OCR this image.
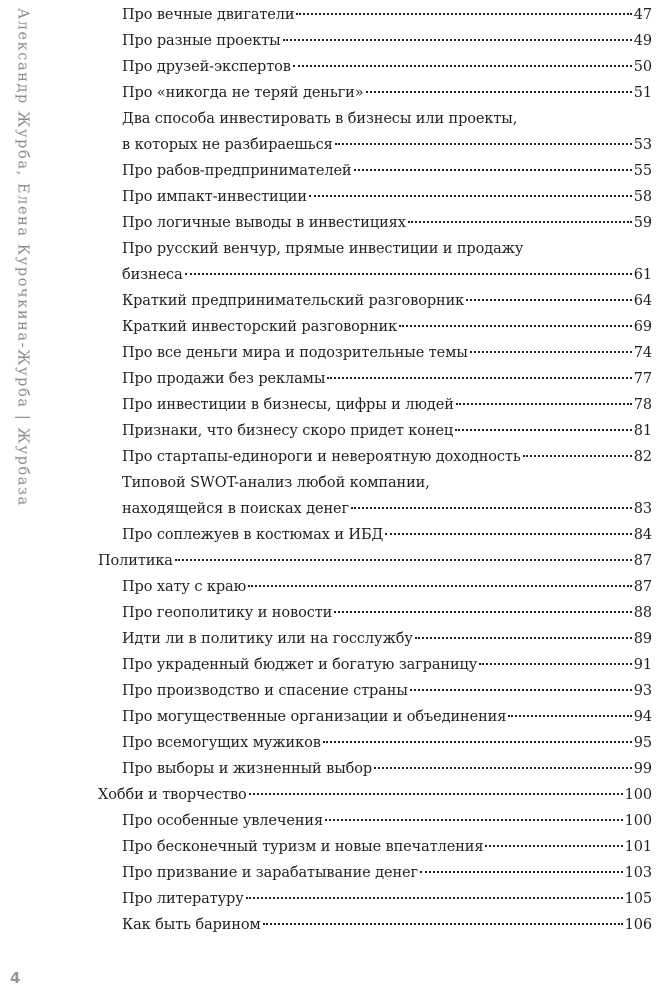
Александр Журба, Елена Курочкина-Журба | Журбаза
4
Про вечные двигатели	47
Про разные проекты	49
Про друзей-экспертов	50
Про «никогда не теряй деньги»	51
Два способа инвестировать в бизнесы или проекты,
в которых не разбираешься	53
Про рабов-предпринимателей	55
Про импакт-инвестиции	58
Про логичные выводы в инвестициях	59
Про русский венчур, прямые инвестиции и продажу
бизнеса	61
Краткий предпринимательский разговорник	64
Краткий инвесторский разговорник	69
Про все деньги мира и подозрительные темы	74
Про продажи без рекламы	77
Про инвестиции в бизнесы, цифры и людей	78
Признаки, что бизнесу скоро придет конец	81
Про стартапы-единороги и невероятную доходность	82
Типовой SWOT-анализ любой компании,
находящейся в поисках денег	83
Про соплежуев в костюмах и ИБД	84
Политика	87
Про хату с краю	87
Про геополитику и новости	88
Идти ли в политику или на госслужбу	89
Про украденный бюджет и богатую заграницу	91
Про производство и спасение страны	93
Про могущественные организации и объединения	94
Про всемогущих мужиков	95
Про выборы и жизненный выбор	99
Хобби и творчество	100
Про особенные увлечения	100
Про бесконечный туризм и новые впечатления	101
Про призвание и зарабатывание денег	103
Про литературу	105
Как быть барином	106
